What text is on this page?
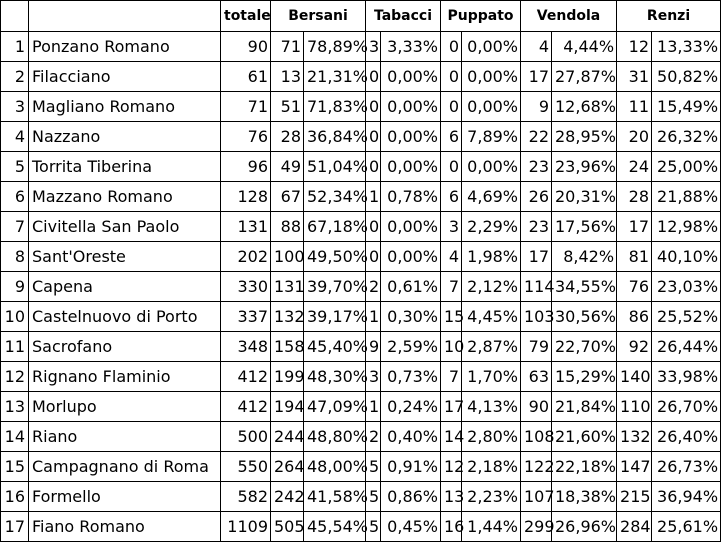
		totale	Bersani		Tabacci		Puppato		Vendola		Renzi	
1	Ponzano Romano	90	71	78,89%	3	3,33%	0	0,00%	4	4,44%	12	13,33%
2	Filacciano	61	13	21,31%	0	0,00%	0	0,00%	17	27,87%	31	50,82%
3	Magliano Romano	71	51	71,83%	0	0,00%	0	0,00%	9	12,68%	11	15,49%
4	Nazzano	76	28	36,84%	0	0,00%	6	7,89%	22	28,95%	20	26,32%
5	Torrita Tiberina	96	49	51,04%	0	0,00%	0	0,00%	23	23,96%	24	25,00%
6	Mazzano Romano	128	67	52,34%	1	0,78%	6	4,69%	26	20,31%	28	21,88%
7	Civitella San Paolo	131	88	67,18%	0	0,00%	3	2,29%	23	17,56%	17	12,98%
8	Sant'Oreste	202	100	49,50%	0	0,00%	4	1,98%	17	8,42%	81	40,10%
9	Capena	330	131	39,70%	2	0,61%	7	2,12%	114	34,55%	76	23,03%
10	Castelnuovo di Porto	337	132	39,17%	1	0,30%	15	4,45%	103	30,56%	86	25,52%
11	Sacrofano	348	158	45,40%	9	2,59%	10	2,87%	79	22,70%	92	26,44%
12	Rignano Flaminio	412	199	48,30%	3	0,73%	7	1,70%	63	15,29%	140	33,98%
13	Morlupo	412	194	47,09%	1	0,24%	17	4,13%	90	21,84%	110	26,70%
14	Riano	500	244	48,80%	2	0,40%	14	2,80%	108	21,60%	132	26,40%
15	Campagnano di Roma	550	264	48,00%	5	0,91%	12	2,18%	122	22,18%	147	26,73%
16	Formello	582	242	41,58%	5	0,86%	13	2,23%	107	18,38%	215	36,94%
17	Fiano Romano	1109	505	45,54%	5	0,45%	16	1,44%	299	26,96%	284	25,61%
